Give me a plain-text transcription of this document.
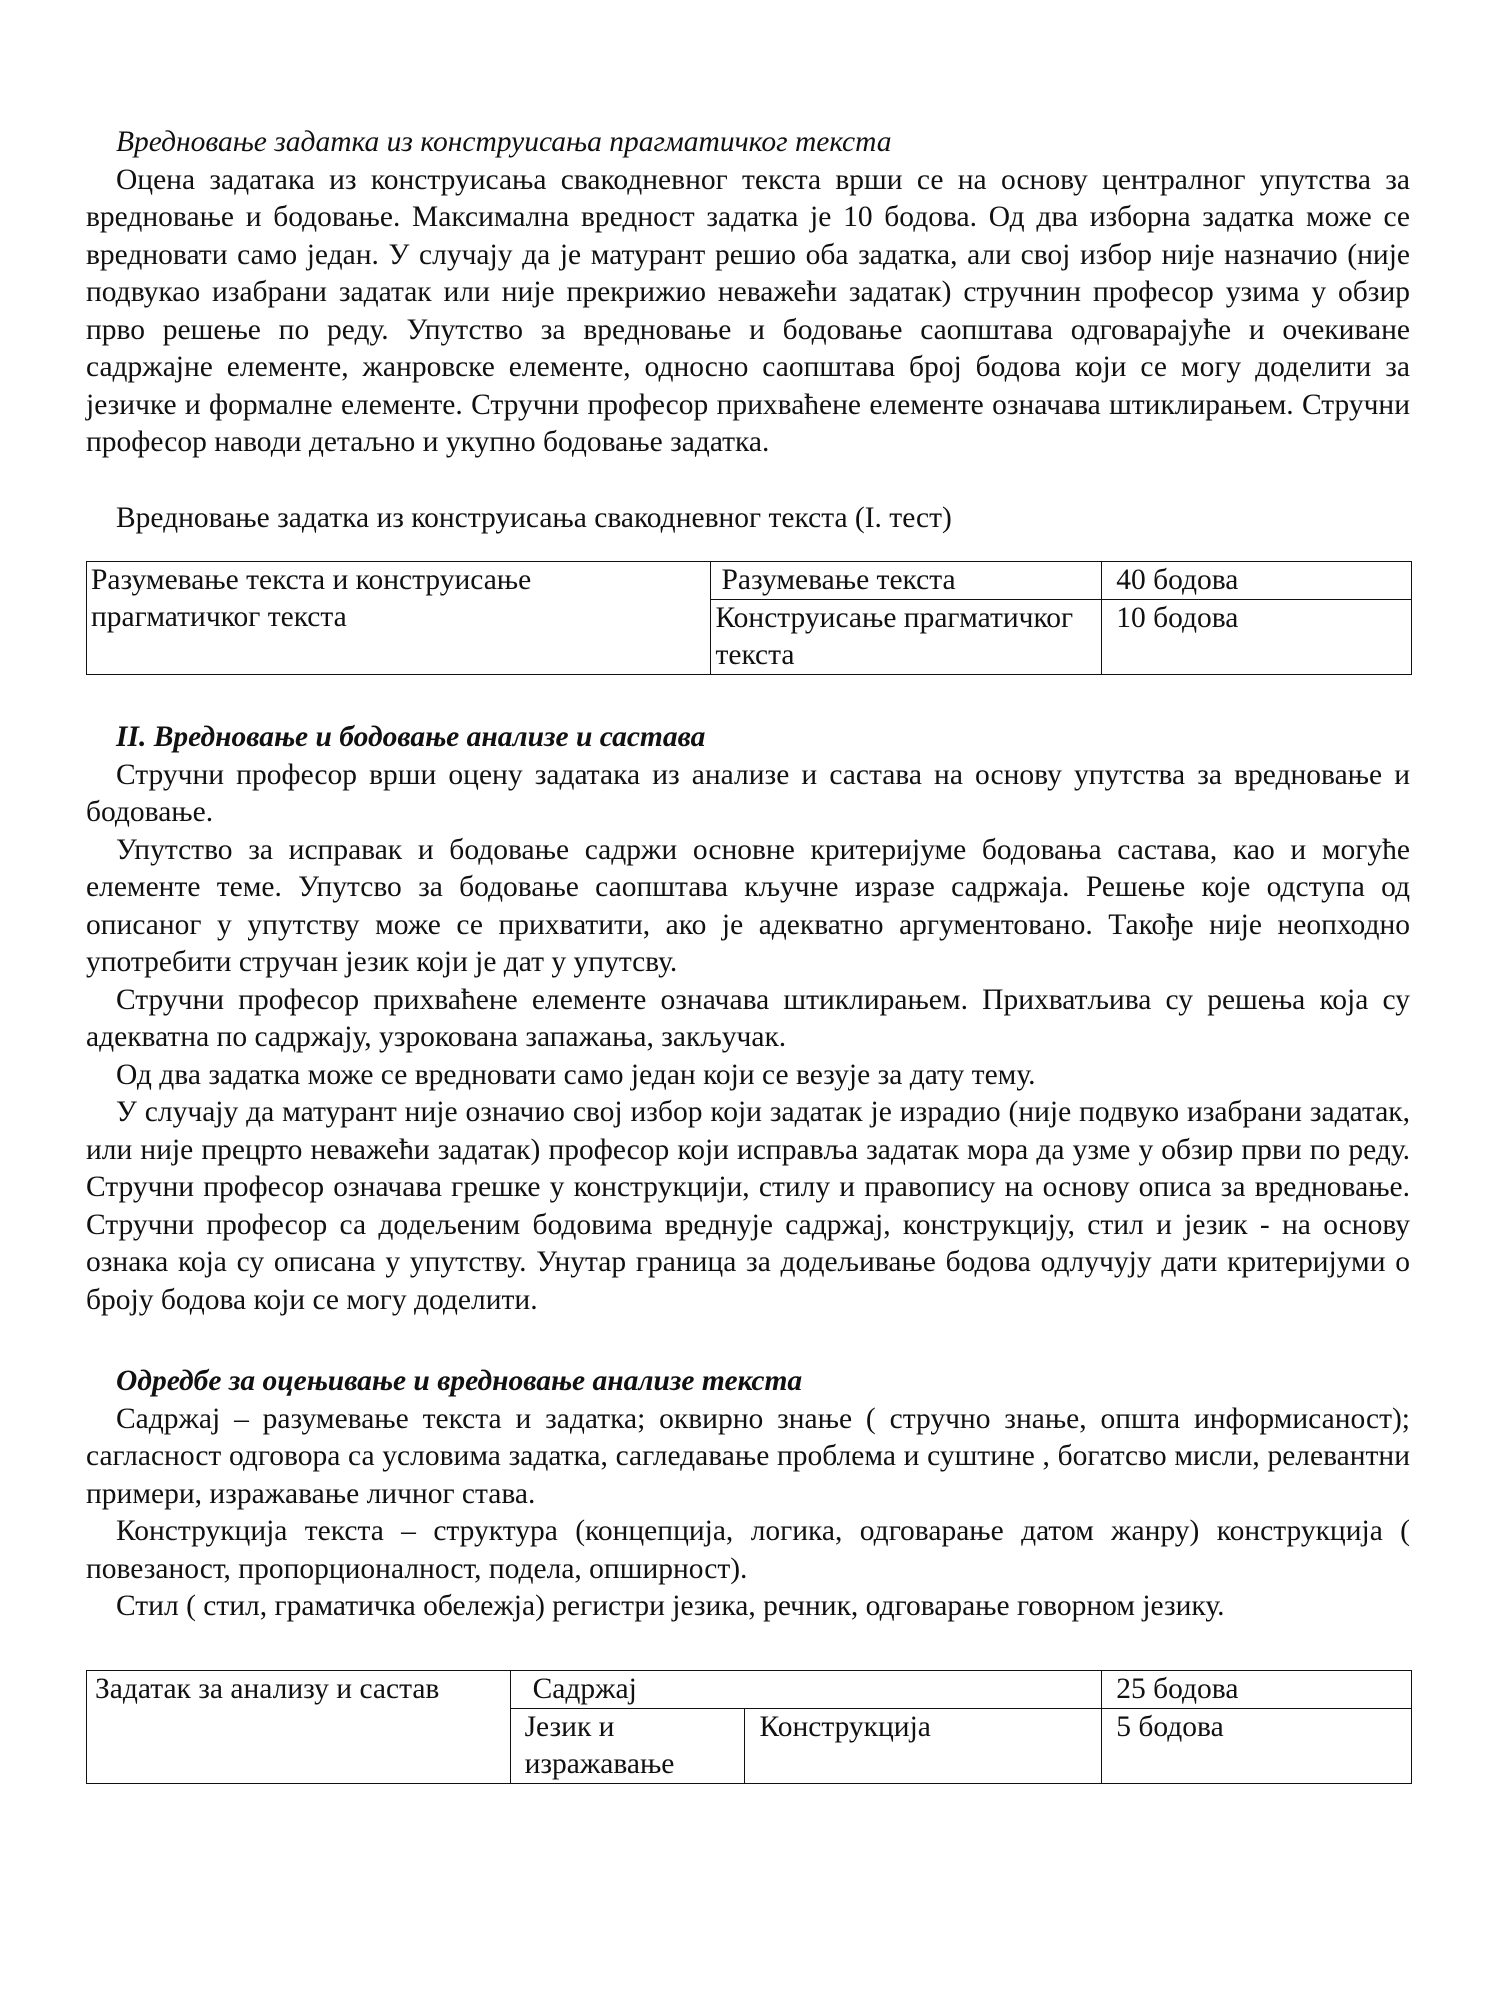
Вредновање задатка из конструисања прагматичког текста

Оцена задатака из конструисања свакодневног текста врши се на основу централног упутства за вредновање и бодовање. Максимална вредност задатка је 10 бодова. Од два изборна задатка може се вредновати само један. У случају да је матурант решио оба задатка, али свој избор није назначио (није подвукао изабрани задатак или није прекрижио неважећи задатак) стручнин професор узима у обзир прво решење по реду. Упутство за вредновање и бодовање саопштава одговарајуће и очекиване садржајне елементе, жанровске елементе, односно саопштава број бодова који се могу доделити за језичке и формалне елементе. Стручни професор прихваћене елементе означава штиклирањем. Стручни професор наводи детаљно и укупно бодовање задатка.

Вредновање задатка из конструисања свакодневног текста (I. тест)

Разумевање текста и конструисање прагматичког текста	Разумевање текста	40 бодова
	Конструисање прагматичког текста	10 бодова
II. Вредновање и бодовање анализе и састава

Стручни професор врши оцену задатака из анализе и састава на основу упутства за вредновање и бодовање.

Упутство за исправак и бодовање садржи основне критеријуме бодовања састава, као и могуће елементе теме. Упутсво за бодовање саопштава кључне изразе садржаја. Решење које одступа од описаног у упутству може се прихватити, ако је адекватно аргументовано. Такође није неопходно употребити стручан језик који је дат у упутсву.

Стручни професор прихваћене елементе означава штиклирањем. Прихватљива су решења која су адекватна по садржају, узрокована запажања, закључак.

Од два задатка може се вредновати само један који се везује за дату тему.

У случају да матурант није означио свој избор који задатак је израдио (није подвуко изабрани задатак, или није прецрто неважећи задатак) професор који исправља задатак мора да узме у обзир први по реду. Стручни професор означава грешке у конструкцији, стилу и правопису на основу описа за вредновање. Стручни професор са додељеним бодовима вреднује садржај, конструкцију, стил и језик - на основу ознака која су описана у упутству. Унутар граница за додељивање бодова одлучују дати критеријуми о броју бодова који се могу доделити.

Одредбе за оцењивање и вредновање анализе текста

Садржај – разумевање текста и задатка; оквирно знање ( стручно знање, општа информисаност); сагласност одговора са условима задатка, сагледавање проблема и суштине , богатсво мисли, релевантни примери, изражавање личног става.

Конструкција текста – структура (концепција, логика, одговарање датом жанру) конструкција ( повезаност, пропорционалност, подела, опширност).

Стил ( стил, граматичка обележја) регистри језика, речник, одговарање говорном језику.

Задатак за анализу и састав	Садржај		25 бодова
	Језик и изражавање	Конструкција	5 бодова
